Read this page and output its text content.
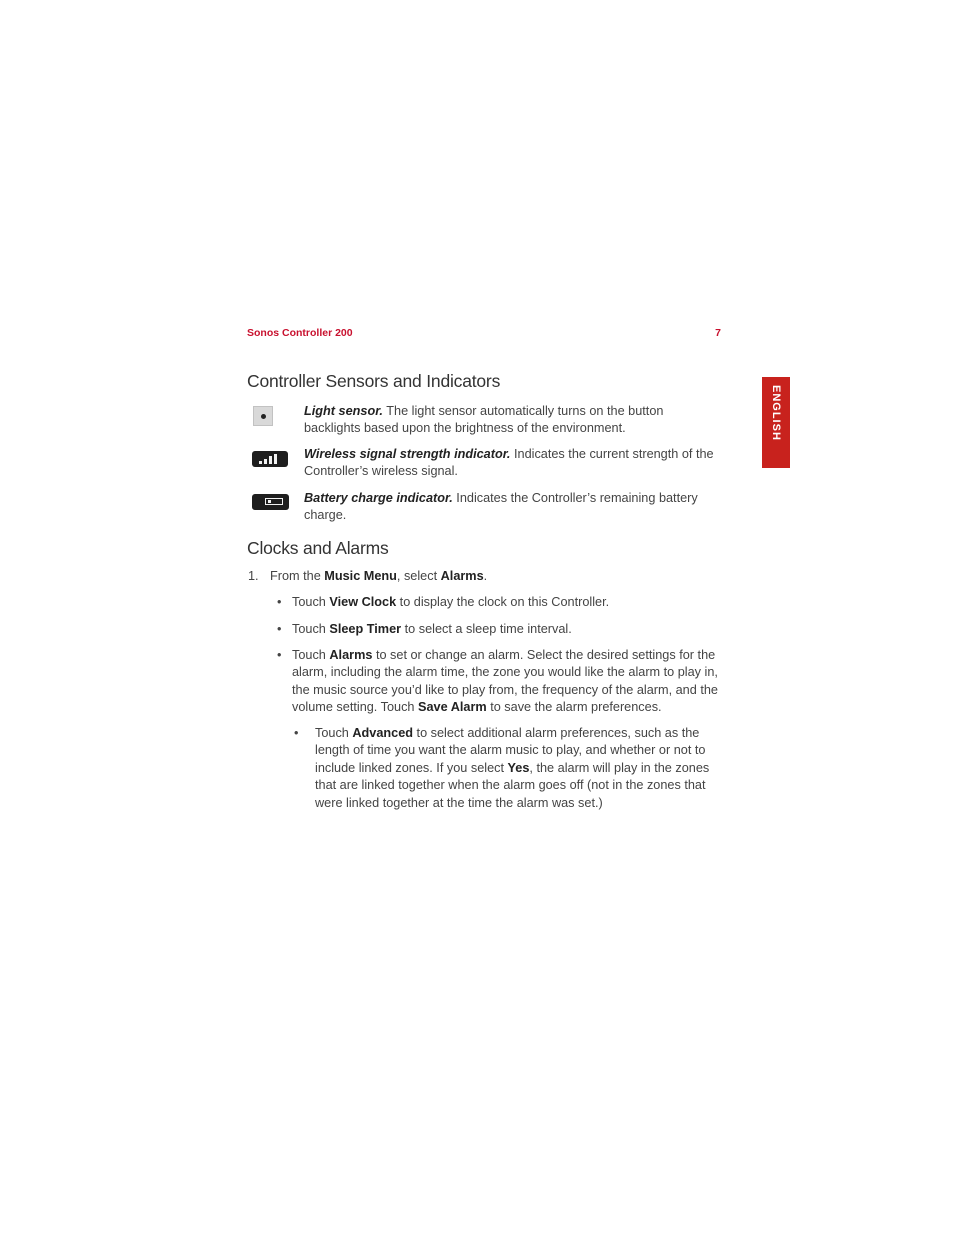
Sonos Controller 200	7
ENGLISH
Controller Sensors and Indicators
Light sensor. The light sensor automatically turns on the button backlights based upon the brightness of the environment.
Wireless signal strength indicator. Indicates the current strength of the Controller’s wireless signal.
Battery charge indicator. Indicates the Controller’s remaining battery charge.
Clocks and Alarms
1. From the Music Menu, select Alarms.
• Touch View Clock to display the clock on this Controller.
• Touch Sleep Timer to select a sleep time interval.
• Touch Alarms to set or change an alarm. Select the desired settings for the alarm, including the alarm time, the zone you would like the alarm to play in, the music source you’d like to play from, the frequency of the alarm, and the volume setting. Touch Save Alarm to save the alarm preferences.
• Touch Advanced to select additional alarm preferences, such as the length of time you want the alarm music to play, and whether or not to include linked zones. If you select Yes, the alarm will play in the zones that are linked together when the alarm goes off (not in the zones that were linked together at the time the alarm was set.)
